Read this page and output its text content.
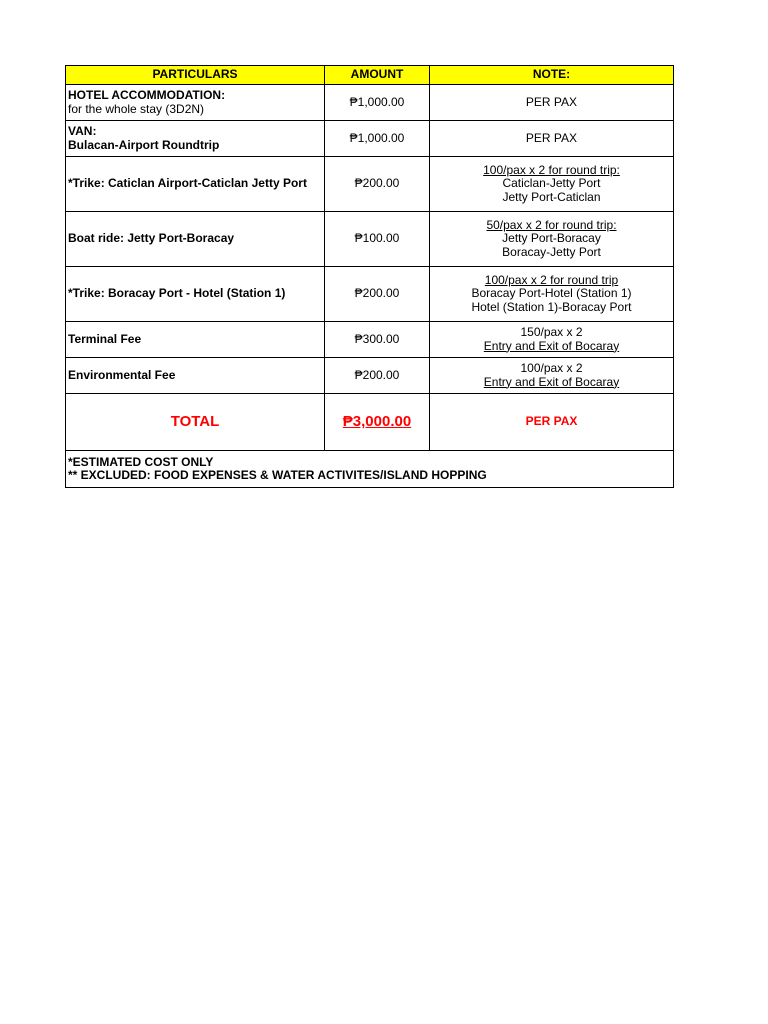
PARTICULARS	AMOUNT	NOTE:

HOTEL ACCOMMODATION:
for the whole stay (3D2N)	₱1,000.00	PER PAX

VAN:
Bulacan-Airport Roundtrip	₱1,000.00	PER PAX

*Trike: Caticlan Airport-Caticlan Jetty Port	₱200.00	100/pax x 2 for round trip:
Caticlan-Jetty Port
Jetty Port-Caticlan

Boat ride: Jetty Port-Boracay	₱100.00	50/pax x 2 for round trip:
Jetty Port-Boracay
Boracay-Jetty Port

*Trike: Boracay Port - Hotel (Station 1)	₱200.00	100/pax x 2 for round trip
Boracay Port-Hotel (Station 1)
Hotel (Station 1)-Boracay Port

Terminal Fee	₱300.00	150/pax x 2
Entry and Exit of Bocaray

Environmental Fee	₱200.00	100/pax x 2
Entry and Exit of Bocaray

TOTAL	₱3,000.00	PER PAX

*ESTIMATED COST ONLY
** EXCLUDED: FOOD EXPENSES & WATER ACTIVITES/ISLAND HOPPING		
